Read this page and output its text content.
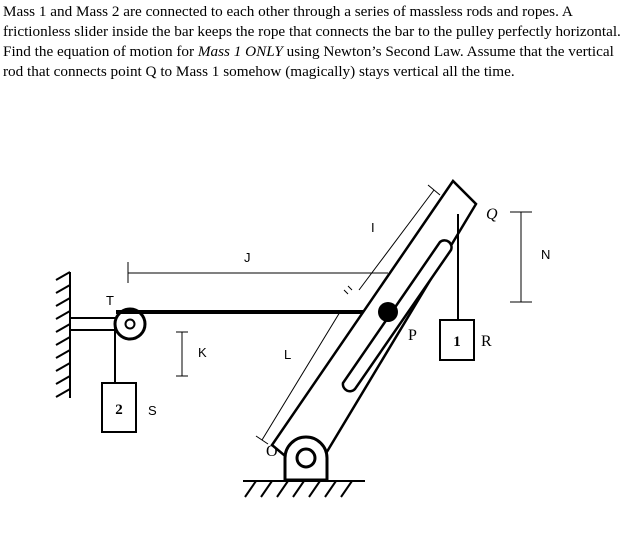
Mass 1 and Mass 2 are connected to each other through a series of massless rods and ropes. A frictionless slider inside the bar keeps the rope that connects the bar to the pulley perfectly horizontal. Find the equation of motion for Mass 1 ONLY using Newton’s Second Law. Assume that the vertical rod that connects point Q to Mass 1 somehow (magically) stays vertical all the time.
2
1
T
J
I
K	L
P	R
S
O
Q
N
